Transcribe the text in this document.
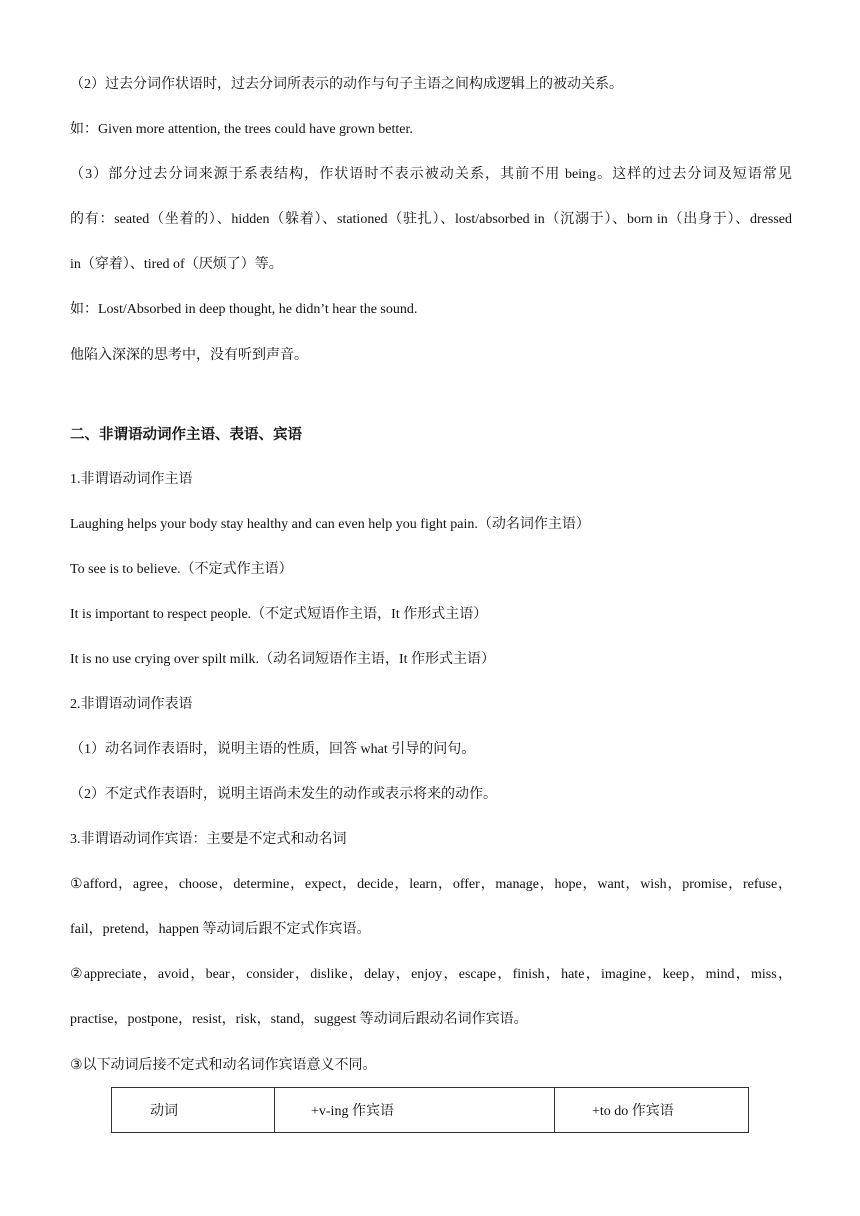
（2）过去分词作状语时，过去分词所表示的动作与句子主语之间构成逻辑上的被动关系。
如：Given more attention, the trees could have grown better.
（3）部分过去分词来源于系表结构，作状语时不表示被动关系，其前不用 being。这样的过去分词及短语常见
的有：seated（坐着的）、hidden（躲着）、stationed（驻扎）、lost/absorbed in（沉溺于）、born in（出身于）、dressed
in（穿着）、tired of（厌烦了）等。
如：Lost/Absorbed in deep thought, he didn’t hear the sound.
他陷入深深的思考中，没有听到声音。
二、非谓语动词作主语、表语、宾语
1.非谓语动词作主语
Laughing helps your body stay healthy and can even help you fight pain.（动名词作主语）
To see is to believe.（不定式作主语）
It is important to respect people.（不定式短语作主语，It 作形式主语）
It is no use crying over spilt milk.（动名词短语作主语，It 作形式主语）
2.非谓语动词作表语
（1）动名词作表语时，说明主语的性质，回答 what 引导的问句。
（2）不定式作表语时，说明主语尚未发生的动作或表示将来的动作。
3.非谓语动词作宾语：主要是不定式和动名词
①afford，agree，choose，determine，expect，decide，learn，offer，manage，hope，want，wish，promise，refuse，
fail，pretend，happen 等动词后跟不定式作宾语。
②appreciate，avoid，bear，consider，dislike，delay，enjoy，escape，finish，hate，imagine，keep，mind，miss，
practise，postpone，resist，risk，stand，suggest 等动词后跟动名词作宾语。
③以下动词后接不定式和动名词作宾语意义不同。
动词	+v-ing 作宾语	+to do 作宾语
